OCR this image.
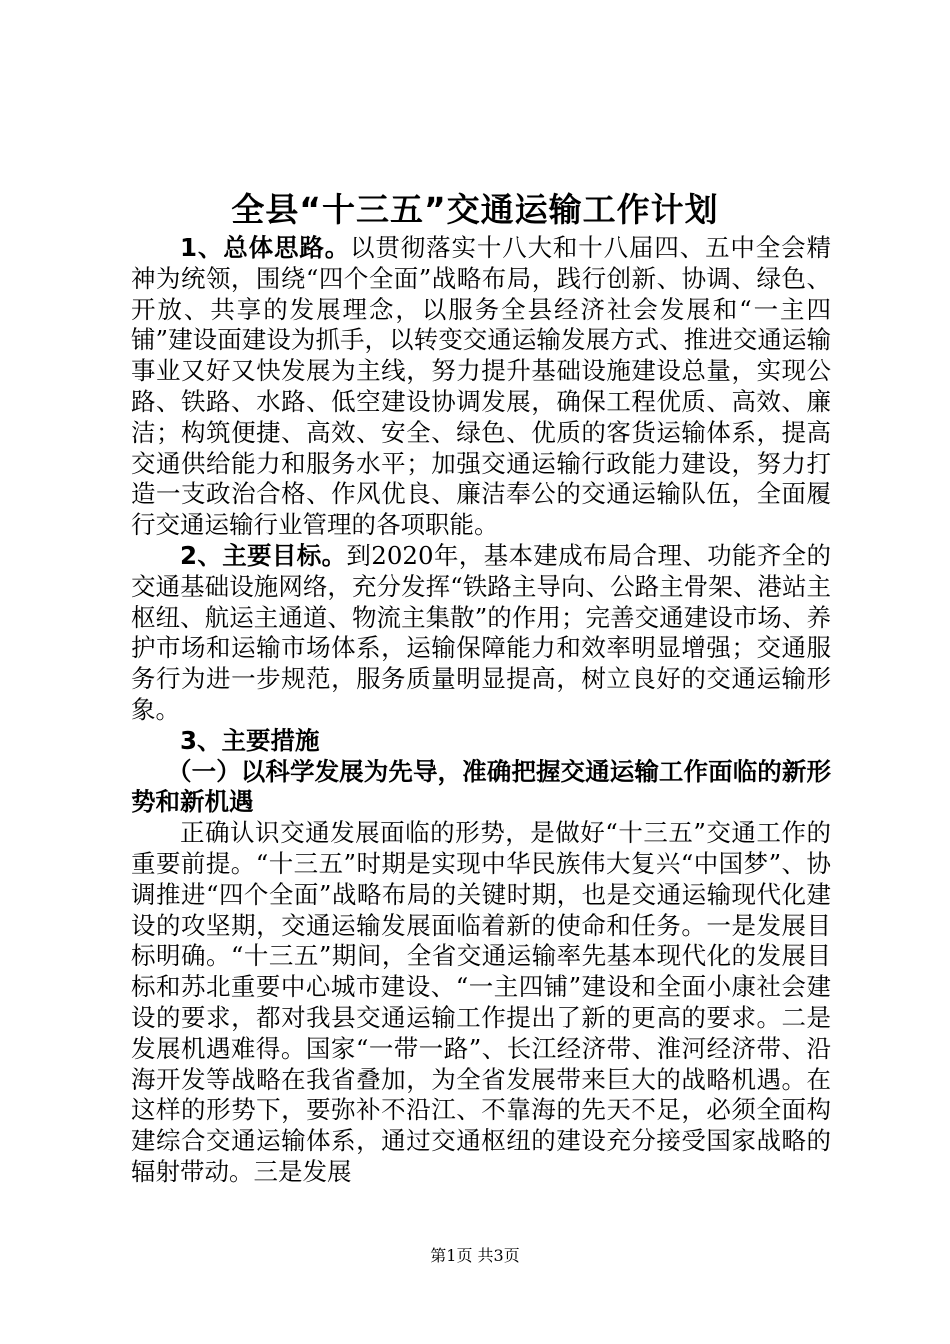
全县“十三五”交通运输工作计划

1、总体思路。以贯彻落实十八大和十八届四、五中全会精神为统领，围绕“四个全面”战略布局，践行创新、协调、绿色、开放、共享的发展理念，以服务全县经济社会发展和“一主四铺”建设面建设为抓手，以转变交通运输发展方式、推进交通运输事业又好又快发展为主线，努力提升基础设施建设总量，实现公路、铁路、水路、低空建设协调发展，确保工程优质、高效、廉洁；构筑便捷、高效、安全、绿色、优质的客货运输体系，提高交通供给能力和服务水平；加强交通运输行政能力建设，努力打造一支政治合格、作风优良、廉洁奉公的交通运输队伍，全面履行交通运输行业管理的各项职能。

2、主要目标。到2020年，基本建成布局合理、功能齐全的交通基础设施网络，充分发挥“铁路主导向、公路主骨架、港站主枢纽、航运主通道、物流主集散”的作用；完善交通建设市场、养护市场和运输市场体系，运输保障能力和效率明显增强；交通服务行为进一步规范，服务质量明显提高，树立良好的交通运输形象。

3、主要措施

（一）以科学发展为先导，准确把握交通运输工作面临的新形势和新机遇

正确认识交通发展面临的形势，是做好“十三五”交通工作的重要前提。“十三五”时期是实现中华民族伟大复兴“中国梦”、协调推进“四个全面”战略布局的关键时期，也是交通运输现代化建设的攻坚期，交通运输发展面临着新的使命和任务。一是发展目标明确。“十三五”期间，全省交通运输率先基本现代化的发展目标和苏北重要中心城市建设、“一主四铺”建设和全面小康社会建设的要求，都对我县交通运输工作提出了新的更高的要求。二是发展机遇难得。国家“一带一路”、长江经济带、淮河经济带、沿海开发等战略在我省叠加，为全省发展带来巨大的战略机遇。在这样的形势下，要弥补不沿江、不靠海的先天不足，必须全面构建综合交通运输体系，通过交通枢纽的建设充分接受国家战略的辐射带动。三是发展

第1页 共3页
